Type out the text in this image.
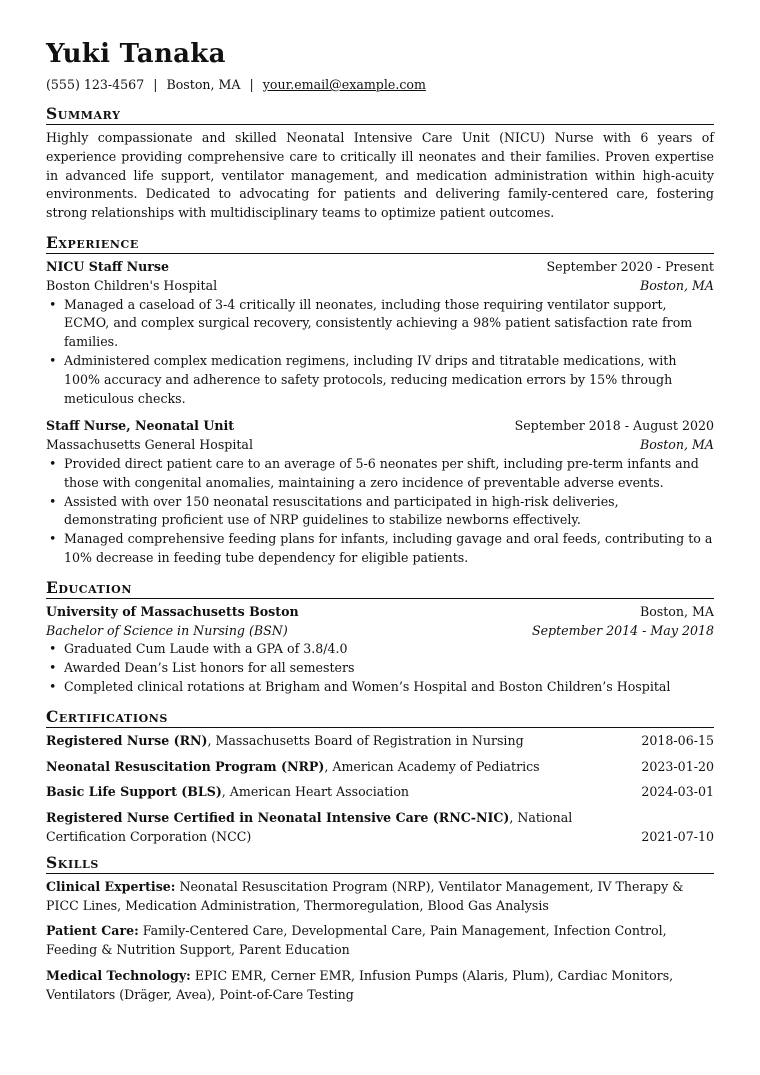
Yuki Tanaka
(555) 123-4567 | Boston, MA | your.email@example.com
Summary
Highly compassionate and skilled Neonatal Intensive Care Unit (NICU) Nurse with 6 years of experience providing comprehensive care to critically ill neonates and their families. Proven expertise in advanced life support, ventilator management, and medication administration within high-acuity environments. Dedicated to advocating for patients and delivering family-centered care, fostering strong relationships with multidisciplinary teams to optimize patient outcomes.
Experience
NICU Staff Nurse	September 2020 - Present
Boston Children's Hospital	Boston, MA
• Managed a caseload of 3-4 critically ill neonates, including those requiring ventilator support, ECMO, and complex surgical recovery, consistently achieving a 98% patient satisfaction rate from families.
• Administered complex medication regimens, including IV drips and titratable medications, with 100% accuracy and adherence to safety protocols, reducing medication errors by 15% through meticulous checks.
Staff Nurse, Neonatal Unit	September 2018 - August 2020
Massachusetts General Hospital	Boston, MA
• Provided direct patient care to an average of 5-6 neonates per shift, including pre-term infants and those with congenital anomalies, maintaining a zero incidence of preventable adverse events.
• Assisted with over 150 neonatal resuscitations and participated in high-risk deliveries, demonstrating proficient use of NRP guidelines to stabilize newborns effectively.
• Managed comprehensive feeding plans for infants, including gavage and oral feeds, contributing to a 10% decrease in feeding tube dependency for eligible patients.
Education
University of Massachusetts Boston	Boston, MA
Bachelor of Science in Nursing (BSN)	September 2014 - May 2018
• Graduated Cum Laude with a GPA of 3.8/4.0
• Awarded Dean’s List honors for all semesters
• Completed clinical rotations at Brigham and Women’s Hospital and Boston Children’s Hospital
Certifications
Registered Nurse (RN), Massachusetts Board of Registration in Nursing	2018-06-15
Neonatal Resuscitation Program (NRP), American Academy of Pediatrics	2023-01-20
Basic Life Support (BLS), American Heart Association	2024-03-01
Registered Nurse Certified in Neonatal Intensive Care (RNC-NIC), National Certification Corporation (NCC)	2021-07-10
Skills
Clinical Expertise: Neonatal Resuscitation Program (NRP), Ventilator Management, IV Therapy & PICC Lines, Medication Administration, Thermoregulation, Blood Gas Analysis
Patient Care: Family-Centered Care, Developmental Care, Pain Management, Infection Control, Feeding & Nutrition Support, Parent Education
Medical Technology: EPIC EMR, Cerner EMR, Infusion Pumps (Alaris, Plum), Cardiac Monitors, Ventilators (Dräger, Avea), Point-of-Care Testing
